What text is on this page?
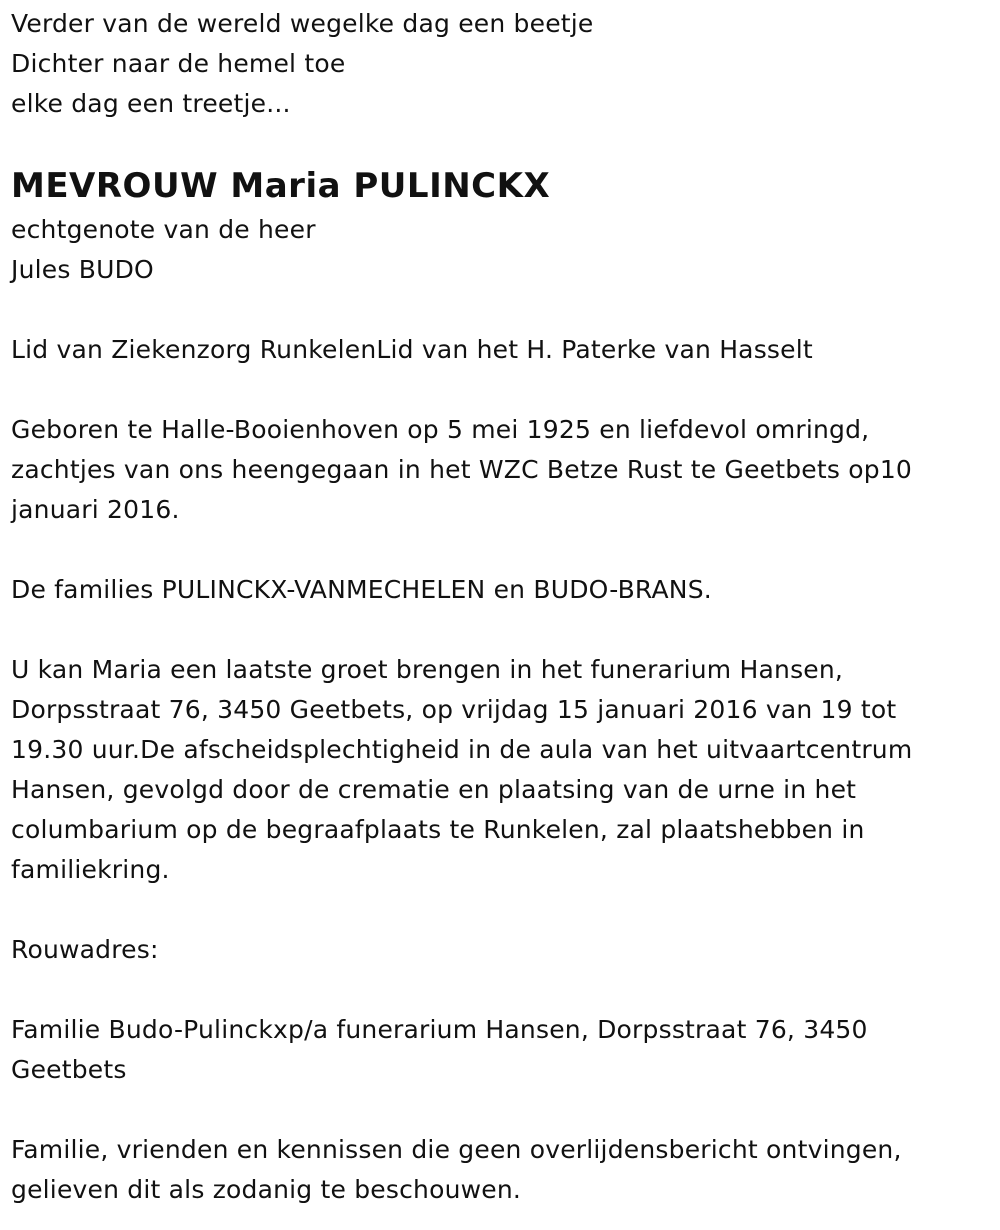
Verder van de wereld wegelke dag een beetje

Dichter naar de hemel toe

elke dag een treetje...

MEVROUW Maria PULINCKX

echtgenote van de heer

Jules BUDO

Lid van Ziekenzorg RunkelenLid van het H. Paterke van Hasselt

Geboren te Halle-Booienhoven op 5 mei 1925 en liefdevol omringd,

zachtjes van ons heengegaan in het WZC Betze Rust te Geetbets op10

januari 2016.

De families PULINCKX-VANMECHELEN en BUDO-BRANS.

U kan Maria een laatste groet brengen in het funerarium Hansen,

Dorpsstraat 76, 3450 Geetbets, op vrijdag 15 januari 2016 van 19 tot

19.30 uur.De afscheidsplechtigheid in de aula van het uitvaartcentrum

Hansen, gevolgd door de crematie en plaatsing van de urne in het

columbarium op de begraafplaats te Runkelen, zal plaatshebben in

familiekring.

Rouwadres:

Familie Budo-Pulinckxp/a funerarium Hansen, Dorpsstraat 76, 3450

Geetbets

Familie, vrienden en kennissen die geen overlijdensbericht ontvingen,

gelieven dit als zodanig te beschouwen.
